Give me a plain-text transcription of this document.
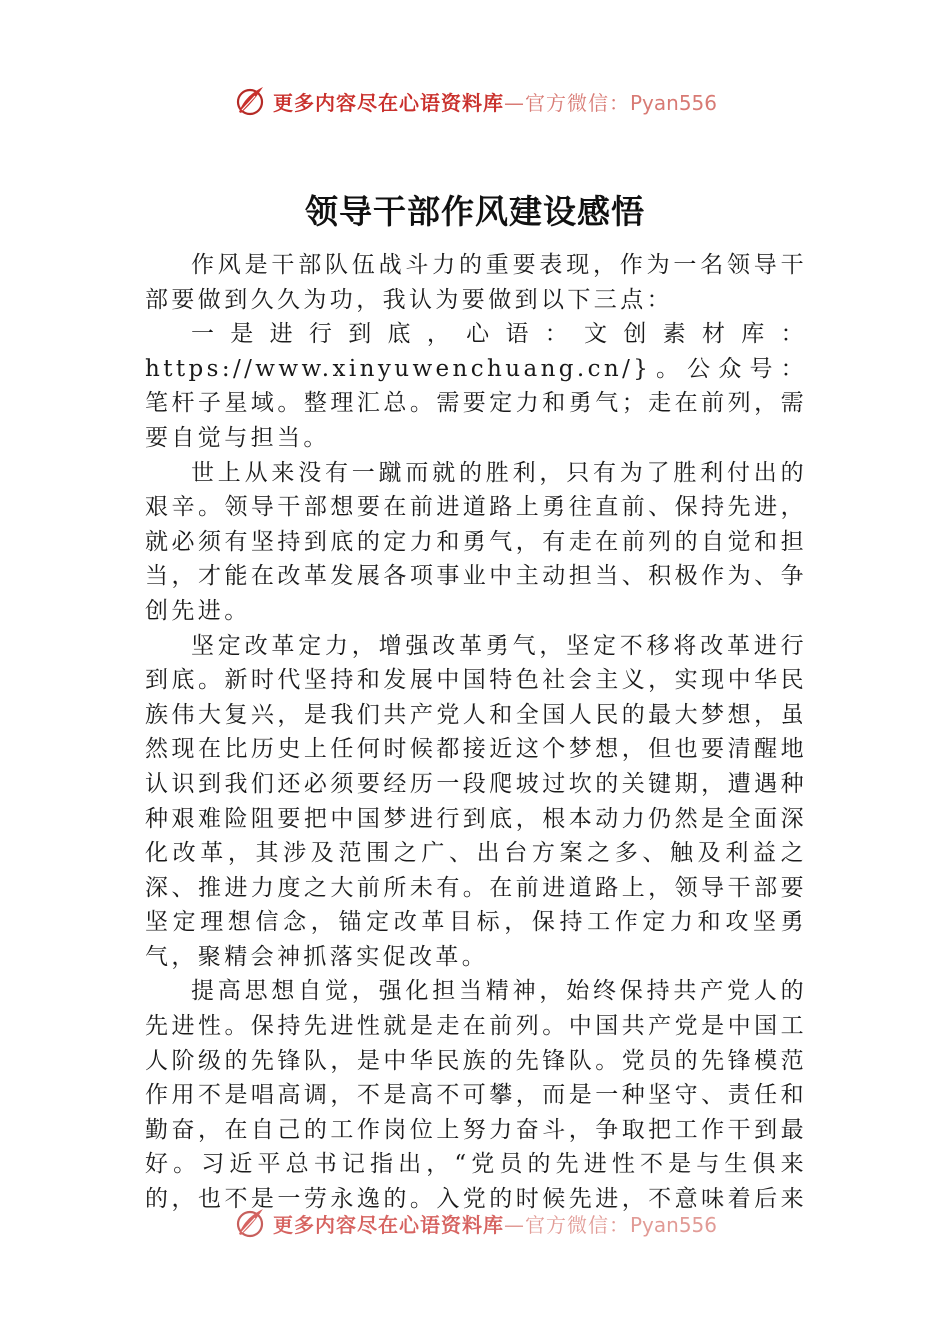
更多内容尽在心语资料库—官方微信：Pyan556
领导干部作风建设感悟

作风是干部队伍战斗力的重要表现，作为一名领导干部要做到久久为功，我认为要做到以下三点：

一是进行到底，心语：文创素材库：https://www.xinyuwenchuang.cn/}。公众号：笔杆子星域。整理汇总。需要定力和勇气；走在前列，需要自觉与担当。

世上从来没有一蹴而就的胜利，只有为了胜利付出的艰辛。领导干部想要在前进道路上勇往直前、保持先进，就必须有坚持到底的定力和勇气，有走在前列的自觉和担当，才能在改革发展各项事业中主动担当、积极作为、争创先进。

坚定改革定力，增强改革勇气，坚定不移将改革进行到底。新时代坚持和发展中国特色社会主义，实现中华民族伟大复兴，是我们共产党人和全国人民的最大梦想，虽然现在比历史上任何时候都接近这个梦想，但也要清醒地认识到我们还必须要经历一段爬坡过坎的关键期，遭遇种种艰难险阻要把中国梦进行到底，根本动力仍然是全面深化改革，其涉及范围之广、出台方案之多、触及利益之深、推进力度之大前所未有。在前进道路上，领导干部要坚定理想信念，锚定改革目标，保持工作定力和攻坚勇气，聚精会神抓落实促改革。

提高思想自觉，强化担当精神，始终保持共产党人的先进性。保持先进性就是走在前列。中国共产党是中国工人阶级的先锋队，是中华民族的先锋队。党员的先锋模范作用不是唱高调，不是高不可攀，而是一种坚守、责任和勤奋，在自己的工作岗位上努力奋斗，争取把工作干到最好。习近平总书记指出，“党员的先进性不是与生俱来的，也不是一劳永逸的。入党的时候先进，不意味着后来

更多内容尽在心语资料库—官方微信：Pyan556
